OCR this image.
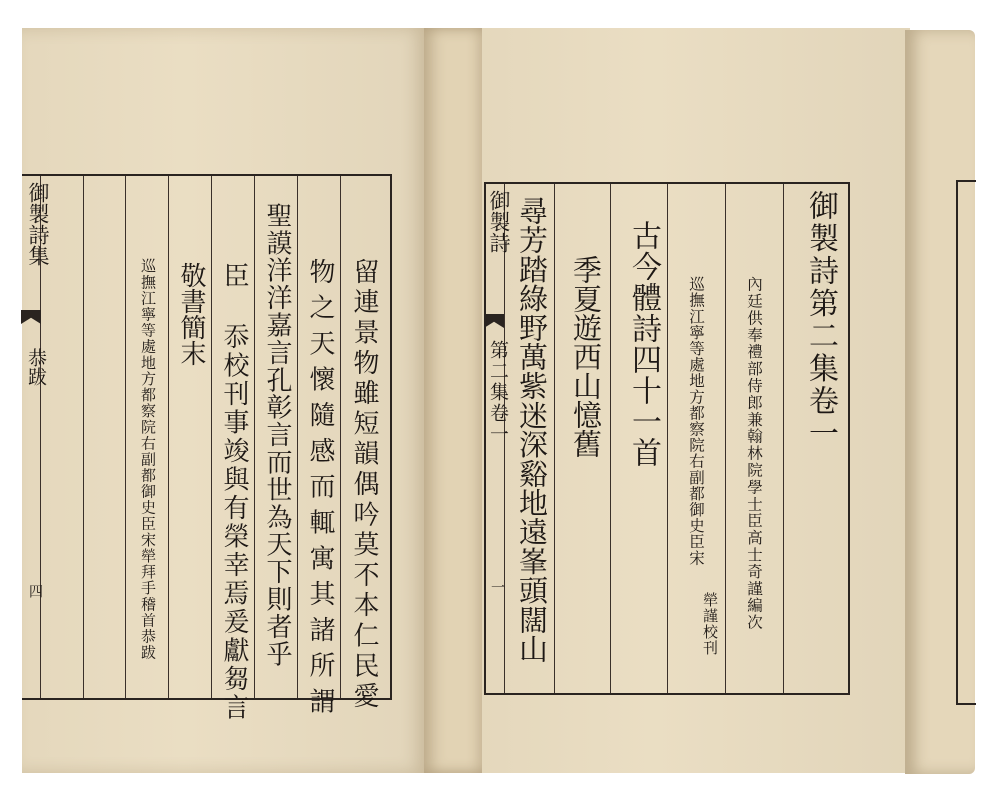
御製詩集
恭跋
四	留連景物雖短韻偶吟莫不本仁民愛
物之天懷隨感而輒寓其諸所謂
聖謨洋洋嘉言孔彰言而世為天下則者乎
臣 忝校刊事竣與有榮幸焉爰獻芻言
敬書簡末
巡撫江寧等處地方都察院右副都御史臣宋犖拜手稽首恭跋
御製詩
第二集卷一
一
御製詩第二集卷一
內廷供奉禮部侍郎兼翰林院學士臣高士奇謹編次
巡撫江寧等處地方都察院右副都御史臣宋
犖謹校刊
古今體詩四十一首
季夏遊西山憶舊
尋芳踏綠野萬紫迷深谿地遠峯頭闊山
